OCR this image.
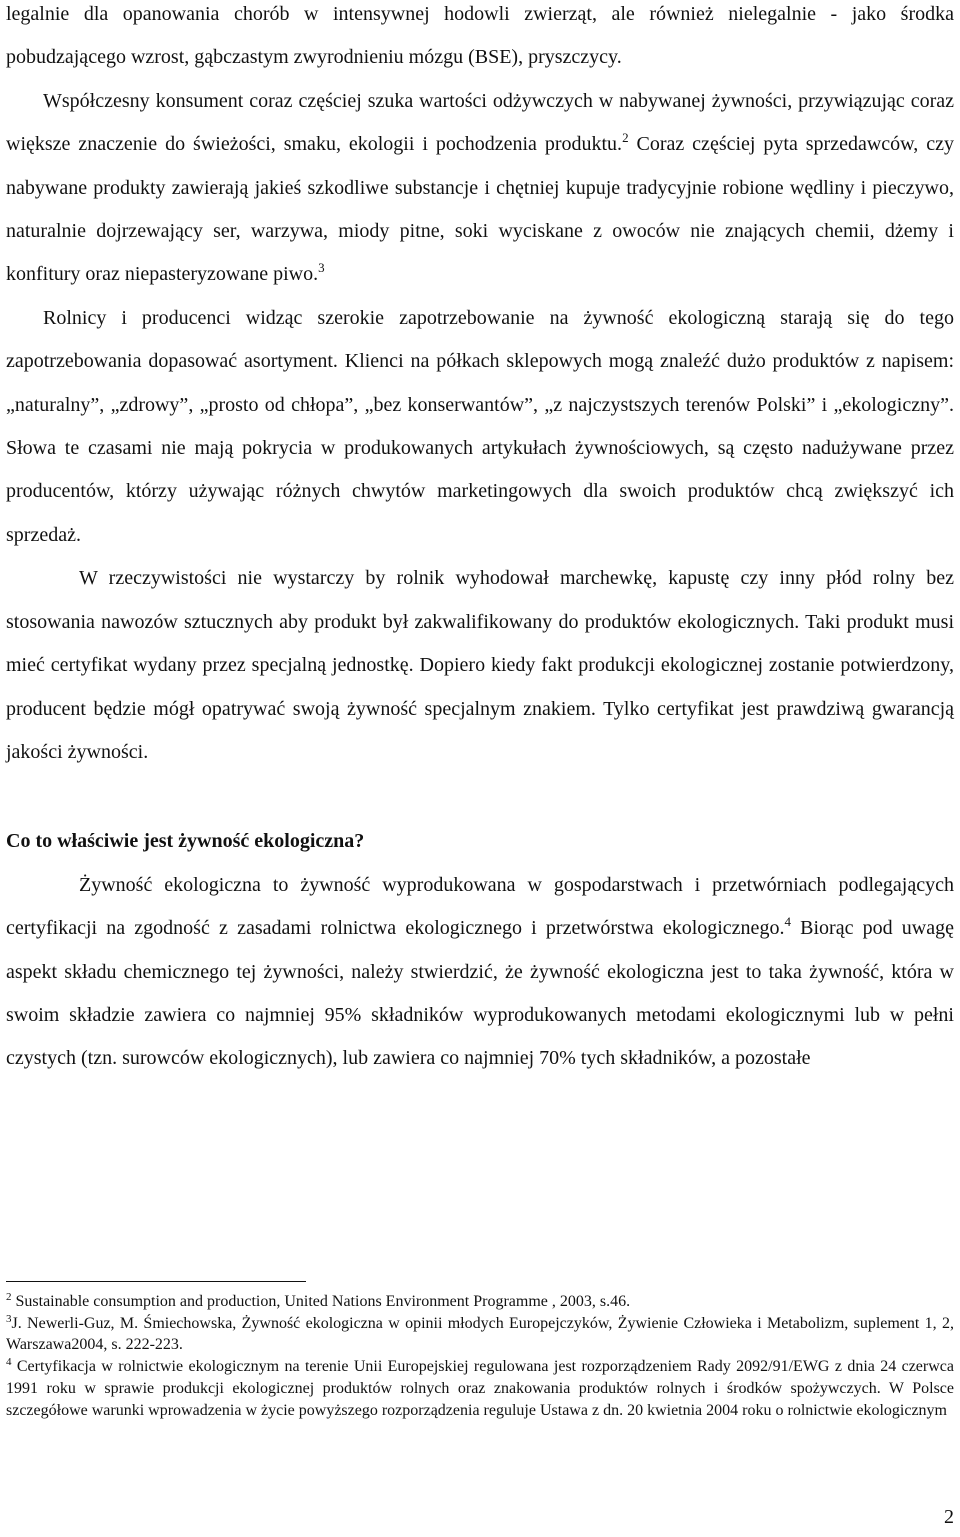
legalnie dla opanowania chorób w intensywnej hodowli zwierząt, ale również nielegalnie - jako środka pobudzającego wzrost, gąbczastym zwyrodnieniu mózgu (BSE), pryszczycy.

Współczesny konsument coraz częściej szuka wartości odżywczych w nabywanej żywności, przywiązując coraz większe znaczenie do świeżości, smaku, ekologii i pochodzenia produktu.$^2$ Coraz częściej pyta sprzedawców, czy nabywane produkty zawierają jakieś szkodliwe substancje i chętniej kupuje tradycyjnie robione wędliny i pieczywo, naturalnie dojrzewający ser, warzywa, miody pitne, soki wyciskane z owoców nie znających chemii, dżemy i konfitury oraz niepasteryzowane piwo.$^3$

Rolnicy i producenci widząc szerokie zapotrzebowanie na żywność ekologiczną starają się do tego zapotrzebowania dopasować asortyment. Klienci na półkach sklepowych mogą znaleźć dużo produktów z napisem: „naturalny”, „zdrowy”, „prosto od chłopa”, „bez konserwantów”, „z najczystszych terenów Polski” i „ekologiczny”. Słowa te czasami nie mają pokrycia w produkowanych artykułach żywnościowych, są często nadużywane przez producentów, którzy używając różnych chwytów marketingowych dla swoich produktów chcą zwiększyć ich sprzedaż.

W rzeczywistości nie wystarczy by rolnik wyhodował marchewkę, kapustę czy inny płód rolny bez stosowania nawozów sztucznych aby produkt był zakwalifikowany do produktów ekologicznych. Taki produkt musi mieć certyfikat wydany przez specjalną jednostkę. Dopiero kiedy fakt produkcji ekologicznej zostanie potwierdzony, producent będzie mógł opatrywać swoją żywność specjalnym znakiem. Tylko certyfikat jest prawdziwą gwarancją jakości żywności.

Co to właściwie jest żywność ekologiczna?

Żywność ekologiczna to żywność wyprodukowana w gospodarstwach i przetwórniach podlegających certyfikacji na zgodność z zasadami rolnictwa ekologicznego i przetwórstwa ekologicznego.$^4$ Biorąc pod uwagę aspekt składu chemicznego tej żywności, należy stwierdzić, że żywność ekologiczna jest to taka żywność, która w swoim składzie zawiera co najmniej 95% składników wyprodukowanych metodami ekologicznymi lub w pełni czystych (tzn. surowców ekologicznych), lub zawiera co najmniej 70% tych składników, a pozostałe

$^2$ Sustainable consumption and production, United Nations Environment Programme , 2003, s.46.

$^3$J. Newerli-Guz, M. Śmiechowska, Żywność ekologiczna w opinii młodych Europejczyków, Żywienie Człowieka i Metabolizm, suplement 1, 2, Warszawa2004, s. 222-223.

$^4$ Certyfikacja w rolnictwie ekologicznym na terenie Unii Europejskiej regulowana jest rozporządzeniem Rady 2092/91/EWG z dnia 24 czerwca 1991 roku w sprawie produkcji ekologicznej produktów rolnych oraz znakowania produktów rolnych i środków spożywczych. W Polsce szczegółowe warunki wprowadzenia w życie powyższego rozporządzenia reguluje Ustawa z dn. 20 kwietnia 2004 roku o rolnictwie ekologicznym

2
